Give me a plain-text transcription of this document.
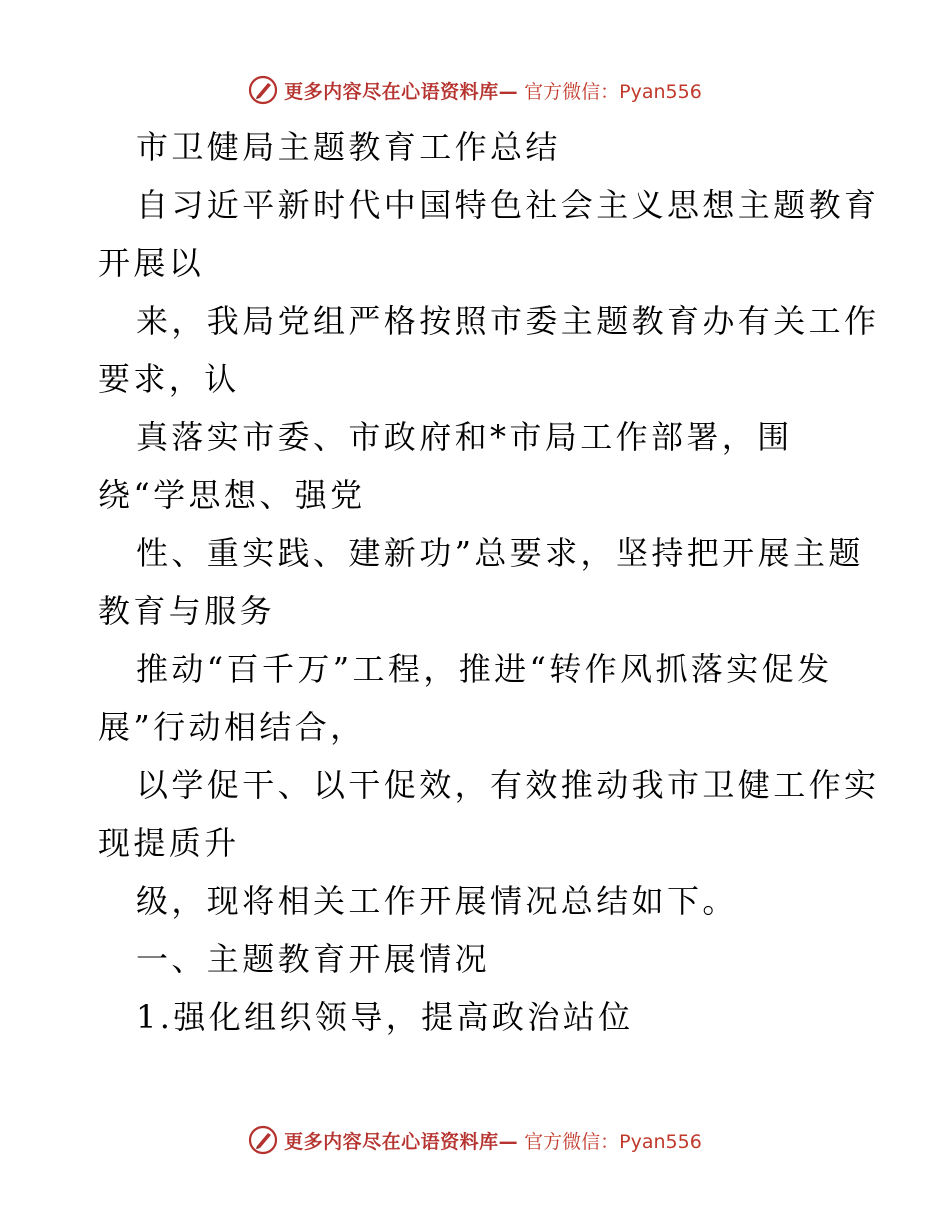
更多内容尽在心语资料库— 官方微信：Pyan556
市卫健局主题教育工作总结
自习近平新时代中国特色社会主义思想主题教育
开展以
来，我局党组严格按照市委主题教育办有关工作
要求，认
真落实市委、市政府和*市局工作部署，围
绕“学思想、强党
性、重实践、建新功”总要求，坚持把开展主题
教育与服务
推动“百千万”工程，推进“转作风抓落实促发
展”行动相结合，
以学促干、以干促效，有效推动我市卫健工作实
现提质升
级，现将相关工作开展情况总结如下。
一、主题教育开展情况
1.强化组织领导，提高政治站位
更多内容尽在心语资料库— 官方微信：Pyan556
